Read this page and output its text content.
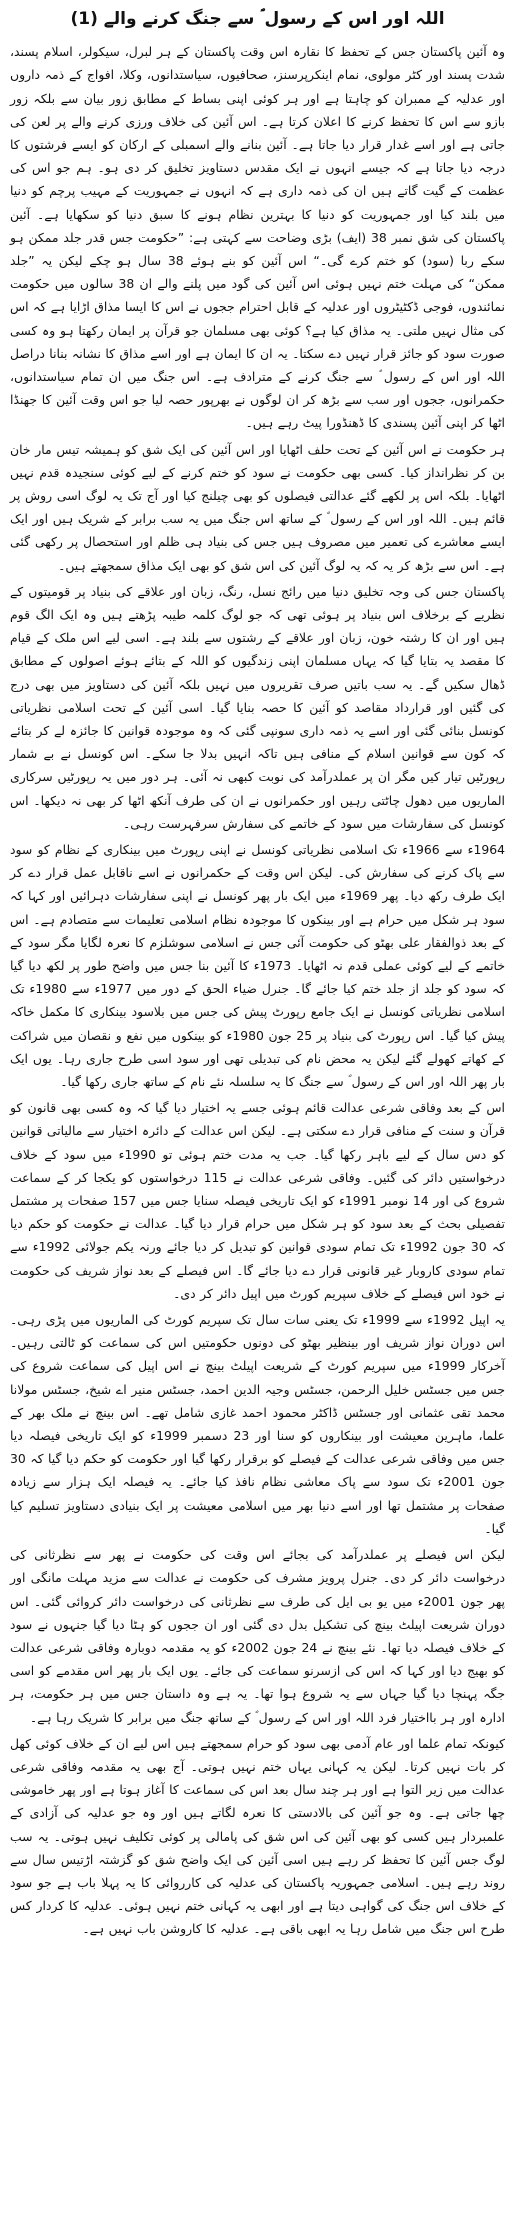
اللہ اور اس کے رسول ؐ سے جنگ کرنے والے (1)

وہ آئین پاکستان جس کے تحفظ کا نقارہ اس وقت پاکستان کے ہر لبرل، سیکولر، اسلام پسند، شدت پسند اور کٹر مولوی، نمام اینکرپرسنز، صحافیوں، سیاستدانوں، وکلا، افواج کے ذمہ داروں اور عدلیہ کے ممبران کو چاہتا ہے اور ہر کوئی اپنی بساط کے مطابق زور بیان سے بلکہ زور بازو سے اس کا تحفظ کرنے کا اعلان کرتا ہے۔ اس آئین کی خلاف ورزی کرنے والے پر لعن کی جاتی ہے اور اسے غدار قرار دیا جاتا ہے۔ آئین بنانے والے اسمبلی کے ارکان کو ایسے فرشتوں کا درجہ دیا جاتا ہے کہ جیسے انہوں نے ایک مقدس دستاویز تخلیق کر دی ہو۔ ہم جو اس کی عظمت کے گیت گاتے ہیں ان کی ذمہ داری ہے کہ انہوں نے جمہوریت کے مہیب پرچم کو دنیا میں بلند کیا اور جمہوریت کو دنیا کا بہترین نظام ہونے کا سبق دنیا کو سکھایا ہے۔ آئین پاکستان کی شق نمبر 38 (ایف) بڑی وضاحت سے کہتی ہے: ”حکومت جس قدر جلد ممکن ہو سکے ربا (سود) کو ختم کرے گی۔“ اس آئین کو بنے ہوئے 38 سال ہو چکے لیکن یہ ”جلد ممکن“ کی مہلت ختم نہیں ہوئی اس آئین کی گود میں پلنے والے ان 38 سالوں میں حکومت نمائندوں، فوجی ڈکٹیٹروں اور عدلیہ کے قابل احترام ججوں نے اس کا ایسا مذاق اڑایا ہے کہ اس کی مثال نہیں ملتی۔ یہ مذاق کیا ہے؟ کوئی بھی مسلمان جو قرآن پر ایمان رکھتا ہو وہ کسی صورت سود کو جائز قرار نہیں دے سکتا۔ یہ ان کا ایمان ہے اور اسے مذاق کا نشانہ بنانا دراصل اللہ اور اس کے رسول ؐ سے جنگ کرنے کے مترادف ہے۔ اس جنگ میں ان تمام سیاستدانوں، حکمرانوں، ججوں اور سب سے بڑھ کر ان لوگوں نے بھرپور حصہ لیا جو اس وقت آئین کا جھنڈا اٹھا کر اپنی آئین پسندی کا ڈھنڈورا پیٹ رہے ہیں۔

ہر حکومت نے اس آئین کے تحت حلف اٹھایا اور اس آئین کی ایک شق کو ہمیشہ تیس مار خان بن کر نظرانداز کیا۔ کسی بھی حکومت نے سود کو ختم کرنے کے لیے کوئی سنجیدہ قدم نہیں اٹھایا۔ بلکہ اس پر لکھے گئے عدالتی فیصلوں کو بھی چیلنج کیا اور آج تک یہ لوگ اسی روش پر قائم ہیں۔ اللہ اور اس کے رسول ؐ کے ساتھ اس جنگ میں یہ سب برابر کے شریک ہیں اور ایک ایسے معاشرے کی تعمیر میں مصروف ہیں جس کی بنیاد ہی ظلم اور استحصال پر رکھی گئی ہے۔ اس سے بڑھ کر یہ کہ یہ لوگ آئین کی اس شق کو بھی ایک مذاق سمجھتے ہیں۔

پاکستان جس کی وجہ تخلیق دنیا میں رائج نسل، رنگ، زبان اور علاقے کی بنیاد پر قومیتوں کے نظریے کے برخلاف اس بنیاد پر ہوئی تھی کہ جو لوگ کلمہ طیبہ پڑھتے ہیں وہ ایک الگ قوم ہیں اور ان کا رشتہ خون، زبان اور علاقے کے رشتوں سے بلند ہے۔ اسی لیے اس ملک کے قیام کا مقصد یہ بتایا گیا کہ یہاں مسلمان اپنی زندگیوں کو اللہ کے بتائے ہوئے اصولوں کے مطابق ڈھال سکیں گے۔ یہ سب باتیں صرف تقریروں میں نہیں بلکہ آئین کی دستاویز میں بھی درج کی گئیں اور قرارداد مقاصد کو آئین کا حصہ بنایا گیا۔ اسی آئین کے تحت اسلامی نظریاتی کونسل بنائی گئی اور اسے یہ ذمہ داری سونپی گئی کہ وہ موجودہ قوانین کا جائزہ لے کر بتائے کہ کون سے قوانین اسلام کے منافی ہیں تاکہ انہیں بدلا جا سکے۔ اس کونسل نے بے شمار رپورٹیں تیار کیں مگر ان پر عملدرآمد کی نوبت کبھی نہ آئی۔ ہر دور میں یہ رپورٹیں سرکاری الماریوں میں دھول چاٹتی رہیں اور حکمرانوں نے ان کی طرف آنکھ اٹھا کر بھی نہ دیکھا۔ اس کونسل کی سفارشات میں سود کے خاتمے کی سفارش سرفہرست رہی۔

1964ء سے 1966ء تک اسلامی نظریاتی کونسل نے اپنی رپورٹ میں بینکاری کے نظام کو سود سے پاک کرنے کی سفارش کی۔ لیکن اس وقت کے حکمرانوں نے اسے ناقابل عمل قرار دے کر ایک طرف رکھ دیا۔ پھر 1969ء میں ایک بار پھر کونسل نے اپنی سفارشات دہرائیں اور کہا کہ سود ہر شکل میں حرام ہے اور بینکوں کا موجودہ نظام اسلامی تعلیمات سے متصادم ہے۔ اس کے بعد ذوالفقار علی بھٹو کی حکومت آئی جس نے اسلامی سوشلزم کا نعرہ لگایا مگر سود کے خاتمے کے لیے کوئی عملی قدم نہ اٹھایا۔ 1973ء کا آئین بنا جس میں واضح طور پر لکھ دیا گیا کہ سود کو جلد از جلد ختم کیا جائے گا۔ جنرل ضیاء الحق کے دور میں 1977ء سے 1980ء تک اسلامی نظریاتی کونسل نے ایک جامع رپورٹ پیش کی جس میں بلاسود بینکاری کا مکمل خاکہ پیش کیا گیا۔ اس رپورٹ کی بنیاد پر 25 جون 1980ء کو بینکوں میں نفع و نقصان میں شراکت کے کھاتے کھولے گئے لیکن یہ محض نام کی تبدیلی تھی اور سود اسی طرح جاری رہا۔ یوں ایک بار پھر اللہ اور اس کے رسول ؐ سے جنگ کا یہ سلسلہ نئے نام کے ساتھ جاری رکھا گیا۔

اس کے بعد وفاقی شرعی عدالت قائم ہوئی جسے یہ اختیار دیا گیا کہ وہ کسی بھی قانون کو قرآن و سنت کے منافی قرار دے سکتی ہے۔ لیکن اس عدالت کے دائرہ اختیار سے مالیاتی قوانین کو دس سال کے لیے باہر رکھا گیا۔ جب یہ مدت ختم ہوئی تو 1990ء میں سود کے خلاف درخواستیں دائر کی گئیں۔ وفاقی شرعی عدالت نے 115 درخواستوں کو یکجا کر کے سماعت شروع کی اور 14 نومبر 1991ء کو ایک تاریخی فیصلہ سنایا جس میں 157 صفحات پر مشتمل تفصیلی بحث کے بعد سود کو ہر شکل میں حرام قرار دیا گیا۔ عدالت نے حکومت کو حکم دیا کہ 30 جون 1992ء تک تمام سودی قوانین کو تبدیل کر دیا جائے ورنہ یکم جولائی 1992ء سے تمام سودی کاروبار غیر قانونی قرار دے دیا جائے گا۔ اس فیصلے کے بعد نواز شریف کی حکومت نے خود اس فیصلے کے خلاف سپریم کورٹ میں اپیل دائر کر دی۔

یہ اپیل 1992ء سے 1999ء تک یعنی سات سال تک سپریم کورٹ کی الماریوں میں پڑی رہی۔ اس دوران نواز شریف اور بینظیر بھٹو کی دونوں حکومتیں اس کی سماعت کو ٹالتی رہیں۔ آخرکار 1999ء میں سپریم کورٹ کے شریعت اپیلٹ بینچ نے اس اپیل کی سماعت شروع کی جس میں جسٹس خلیل الرحمن، جسٹس وجیہ الدین احمد، جسٹس منیر اے شیخ، جسٹس مولانا محمد تقی عثمانی اور جسٹس ڈاکٹر محمود احمد غازی شامل تھے۔ اس بینچ نے ملک بھر کے علما، ماہرین معیشت اور بینکاروں کو سنا اور 23 دسمبر 1999ء کو ایک تاریخی فیصلہ دیا جس میں وفاقی شرعی عدالت کے فیصلے کو برقرار رکھا گیا اور حکومت کو حکم دیا گیا کہ 30 جون 2001ء تک سود سے پاک معاشی نظام نافذ کیا جائے۔ یہ فیصلہ ایک ہزار سے زیادہ صفحات پر مشتمل تھا اور اسے دنیا بھر میں اسلامی معیشت پر ایک بنیادی دستاویز تسلیم کیا گیا۔

لیکن اس فیصلے پر عملدرآمد کی بجائے اس وقت کی حکومت نے پھر سے نظرثانی کی درخواست دائر کر دی۔ جنرل پرویز مشرف کی حکومت نے عدالت سے مزید مہلت مانگی اور پھر جون 2001ء میں یو بی ایل کی طرف سے نظرثانی کی درخواست دائر کروائی گئی۔ اس دوران شریعت اپیلٹ بینچ کی تشکیل بدل دی گئی اور ان ججوں کو ہٹا دیا گیا جنہوں نے سود کے خلاف فیصلہ دیا تھا۔ نئے بینچ نے 24 جون 2002ء کو یہ مقدمہ دوبارہ وفاقی شرعی عدالت کو بھیج دیا اور کہا کہ اس کی ازسرنو سماعت کی جائے۔ یوں ایک بار پھر اس مقدمے کو اسی جگہ پہنچا دیا گیا جہاں سے یہ شروع ہوا تھا۔ یہ ہے وہ داستان جس میں ہر حکومت، ہر ادارہ اور ہر بااختیار فرد اللہ اور اس کے رسول ؐ کے ساتھ جنگ میں برابر کا شریک رہا ہے۔

کیونکہ تمام علما اور عام آدمی بھی سود کو حرام سمجھتے ہیں اس لیے ان کے خلاف کوئی کھل کر بات نہیں کرتا۔ لیکن یہ کہانی یہاں ختم نہیں ہوتی۔ آج بھی یہ مقدمہ وفاقی شرعی عدالت میں زیر التوا ہے اور ہر چند سال بعد اس کی سماعت کا آغاز ہوتا ہے اور پھر خاموشی چھا جاتی ہے۔ وہ جو آئین کی بالادستی کا نعرہ لگاتے ہیں اور وہ جو عدلیہ کی آزادی کے علمبردار ہیں کسی کو بھی آئین کی اس شق کی پامالی پر کوئی تکلیف نہیں ہوتی۔ یہ سب لوگ جس آئین کا تحفظ کر رہے ہیں اسی آئین کی ایک واضح شق کو گزشتہ اڑتیس سال سے روند رہے ہیں۔ اسلامی جمہوریہ پاکستان کی عدلیہ کی کارروائی کا یہ پہلا باب ہے جو سود کے خلاف اس جنگ کی گواہی دیتا ہے اور ابھی یہ کہانی ختم نہیں ہوئی۔ عدلیہ کا کردار کس طرح اس جنگ میں شامل رہا یہ ابھی باقی ہے۔ عدلیہ کا کاروشن باب نہیں ہے۔
